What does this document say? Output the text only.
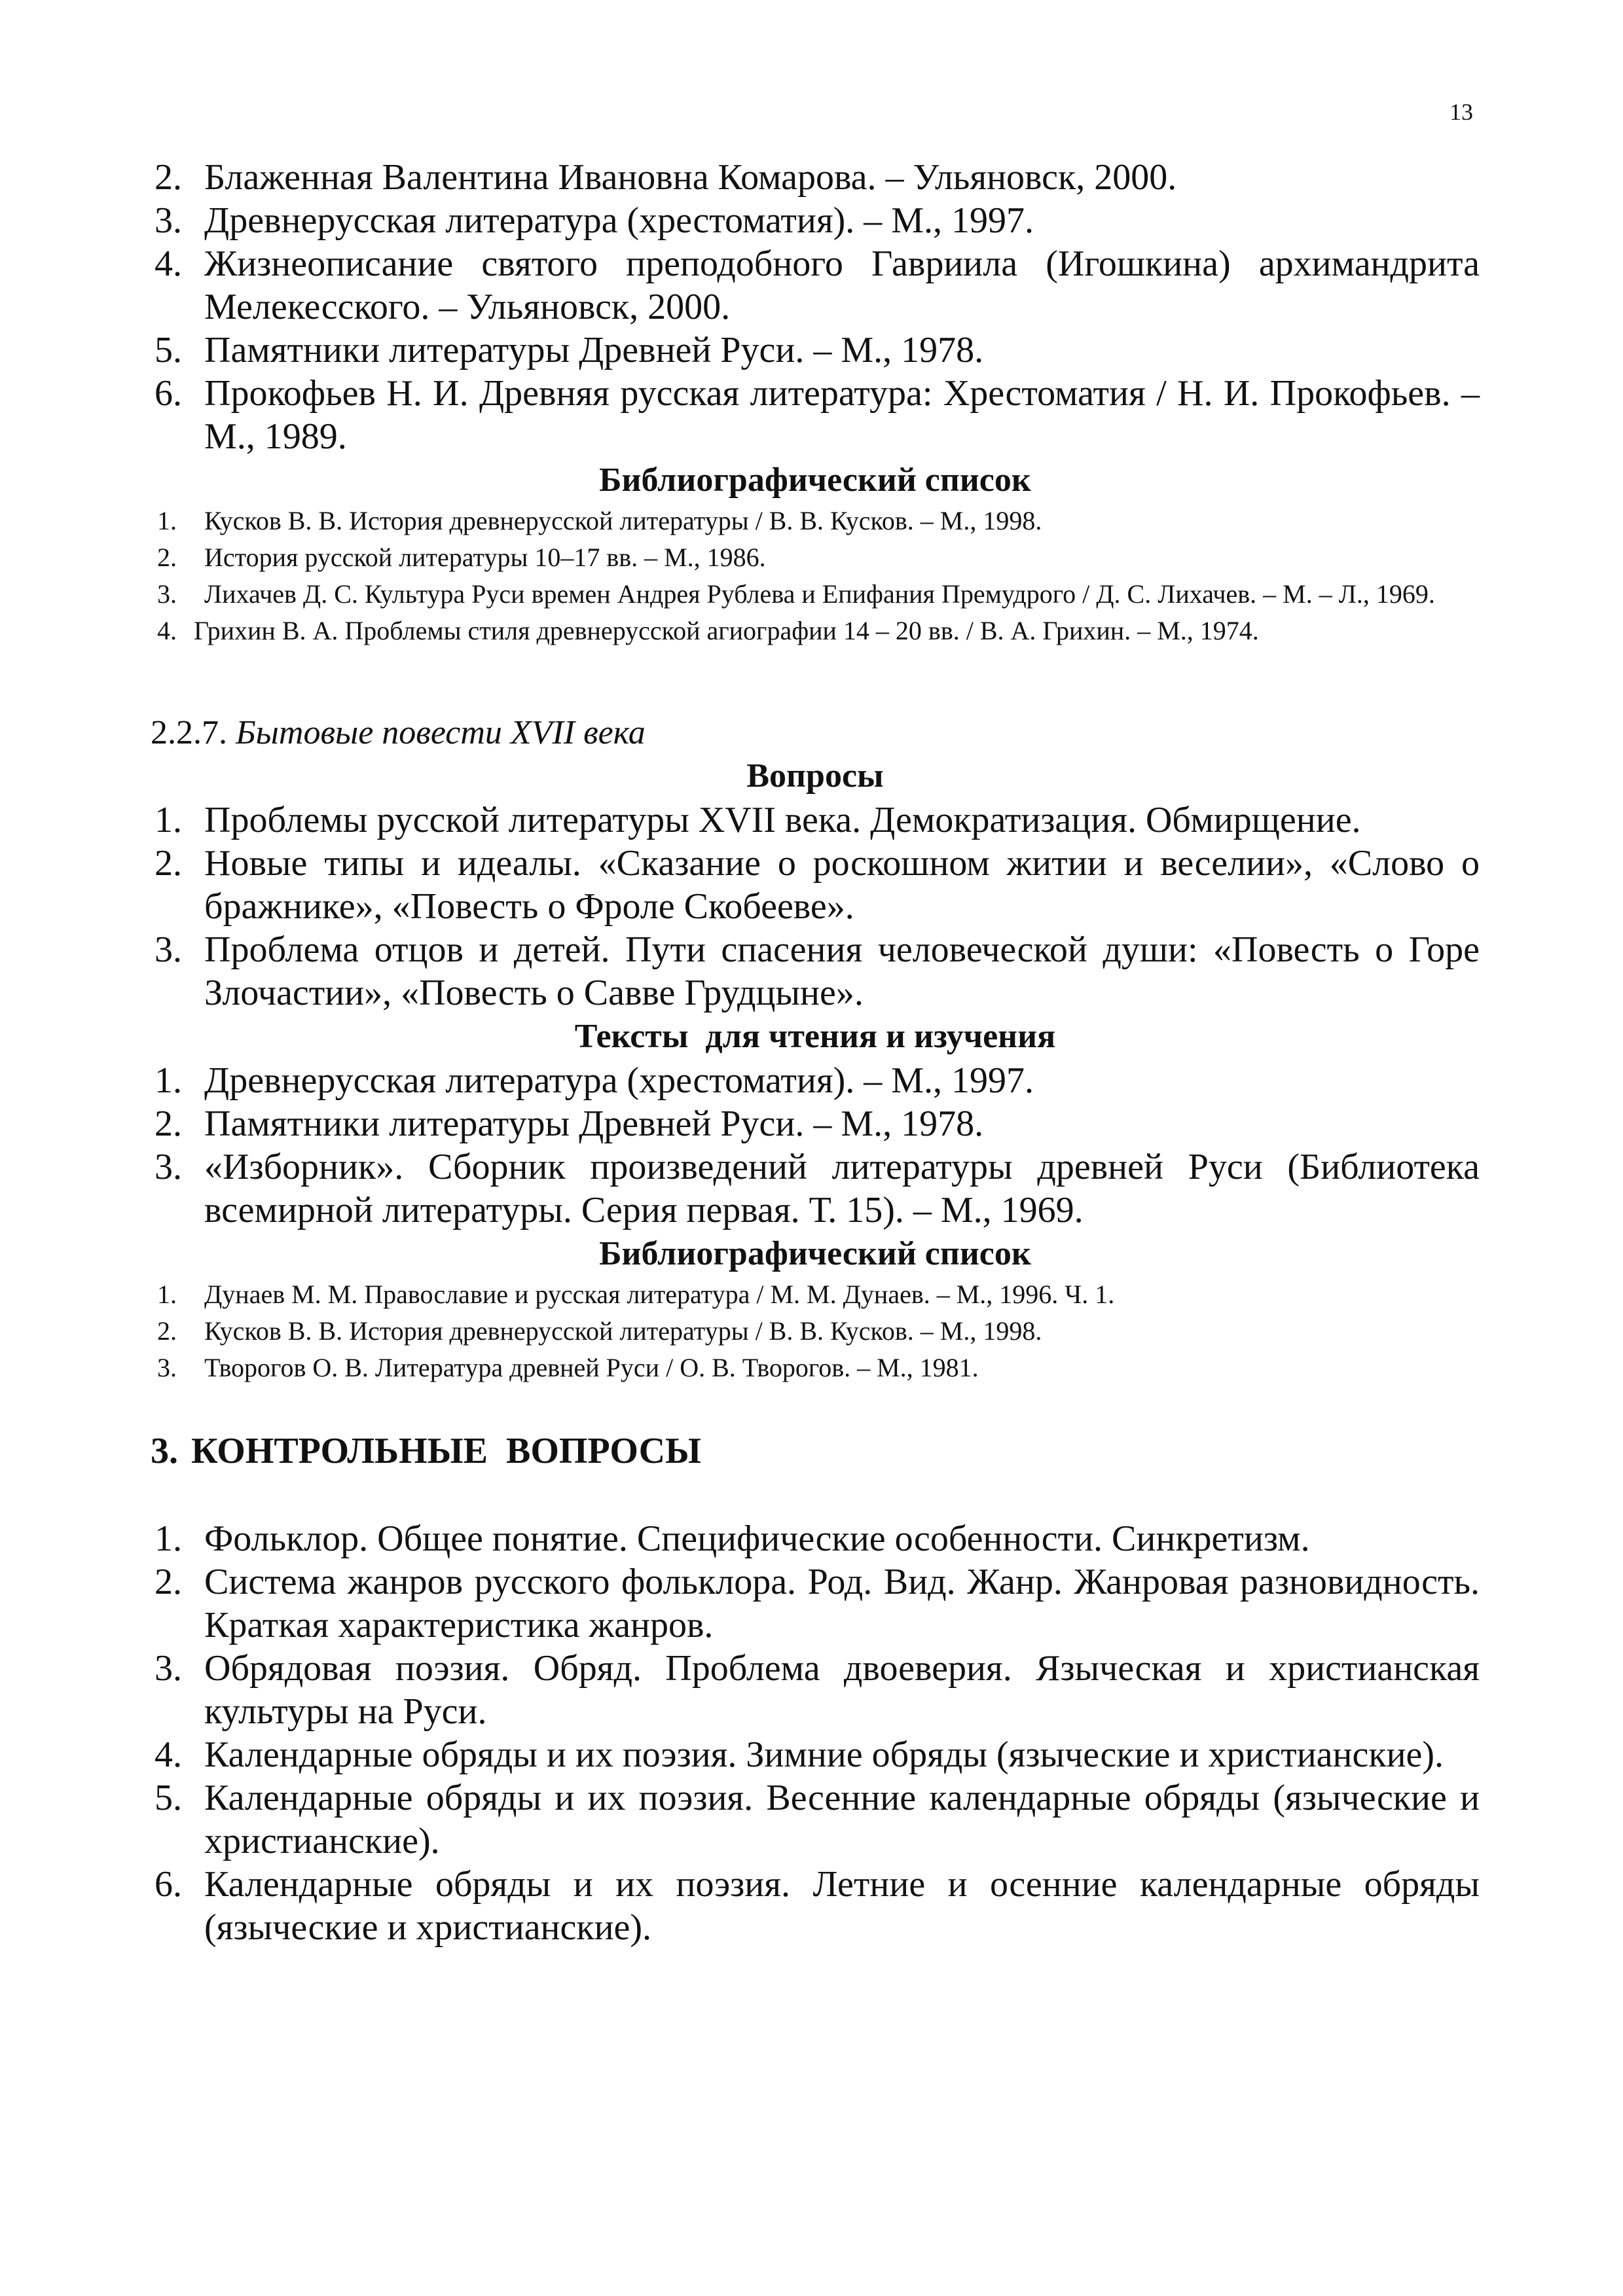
13
2. Блаженная Валентина Ивановна Комарова. – Ульяновск, 2000.
3. Древнерусская литература (хрестоматия). – М., 1997.
4. Жизнеописание святого преподобного Гавриила (Игошкина) архимандрита Мелекесского. – Ульяновск, 2000.
5. Памятники литературы Древней Руси. – М., 1978.
6. Прокофьев Н. И. Древняя русская литература: Хрестоматия / Н. И. Прокофьев. – М., 1989.
Библиографический список
1. Кусков В. В. История древнерусской литературы / В. В. Кусков. – М., 1998.
2. История русской литературы 10–17 вв. – М., 1986.
3. Лихачев Д. С. Культура Руси времен Андрея Рублева и Епифания Премудрого / Д. С. Лихачев. – М. – Л., 1969.
4. Грихин В. А. Проблемы стиля древнерусской агиографии 14 – 20 вв. / В. А. Грихин. – М., 1974.
2.2.7. Бытовые повести XVII века
Вопросы
1. Проблемы русской литературы XVII века. Демократизация. Обмирщение.
2. Новые типы и идеалы. «Сказание о роскошном житии и веселии», «Слово о бражнике», «Повесть о Фроле Скобееве».
3. Проблема отцов и детей. Пути спасения человеческой души: «Повесть о Горе Злочастии», «Повесть о Савве Грудцыне».
Тексты  для чтения и изучения
1. Древнерусская литература (хрестоматия). – М., 1997.
2. Памятники литературы Древней Руси. – М., 1978.
3. «Изборник». Сборник произведений литературы древней Руси (Библиотека всемирной литературы. Серия первая. Т. 15). – М., 1969.
Библиографический список
1. Дунаев М. М. Православие и русская литература / М. М. Дунаев. – М., 1996. Ч. 1.
2. Кусков В. В. История древнерусской литературы / В. В. Кусков. – М., 1998.
3. Творогов О. В. Литература древней Руси / О. В. Творогов. – М., 1981.
3. КОНТРОЛЬНЫЕ  ВОПРОСЫ
1. Фольклор. Общее понятие. Специфические особенности. Синкретизм.
2. Система жанров русского фольклора. Род. Вид. Жанр. Жанровая разновидность. Краткая характеристика жанров.
3. Обрядовая поэзия. Обряд. Проблема двоеверия. Языческая и христианская культуры на Руси.
4. Календарные обряды и их поэзия. Зимние обряды (языческие и христианские).
5. Календарные обряды и их поэзия. Весенние календарные обряды (языческие и христианские).
6. Календарные обряды и их поэзия. Летние и осенние календарные обряды (языческие и христианские).
